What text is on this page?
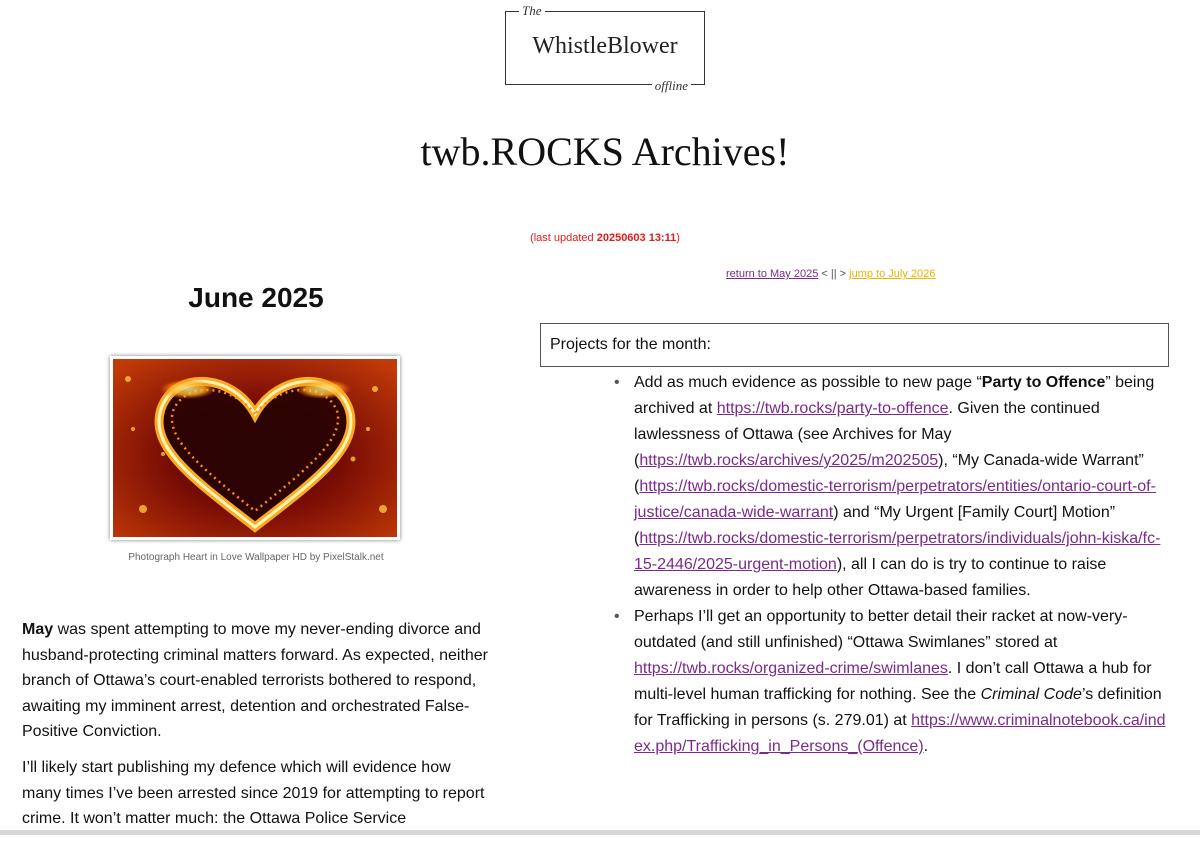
The
WhistleBlower
offline
twb.ROCKS Archives!
(last updated 20250603 13:11)
return to May 2025 < || > jump to July 2026
June 2025
Photograph Heart in Love Wallpaper HD by PixelStalk.net

May was spent attempting to move my never-ending divorce and husband-protecting criminal matters forward. As expected, neither branch of Ottawa’s court-enabled terrorists bothered to respond, awaiting my imminent arrest, detention and orchestrated False-Positive Conviction.

I’ll likely start publishing my defence which will evidence how many times I’ve been arrested since 2019 for attempting to report crime. It won’t matter much: the Ottawa Police Service

Projects for the month:
• Add as much evidence as possible to new page “Party to Offence” being archived at https://twb.rocks/party-to-offence. Given the continued lawlessness of Ottawa (see Archives for May (https://twb.rocks/archives/y2025/m202505), “My Canada-wide Warrant” (https://twb.rocks/domestic-terrorism/perpetrators/entities/ontario-court-of-justice/canada-wide-warrant) and “My Urgent [Family Court] Motion” (https://twb.rocks/domestic-terrorism/perpetrators/individuals/john-kiska/fc-15-2446/2025-urgent-motion), all I can do is try to continue to raise awareness in order to help other Ottawa-based families.
• Perhaps I’ll get an opportunity to better detail their racket at now-very-outdated (and still unfinished) “Ottawa Swimlanes” stored at https://twb.rocks/organized-crime/swimlanes. I don’t call Ottawa a hub for multi-level human trafficking for nothing. See the Criminal Code’s definition for Trafficking in persons (s. 279.01) at https://www.criminalnotebook.ca/index.php/Trafficking_in_Persons_(Offence).
